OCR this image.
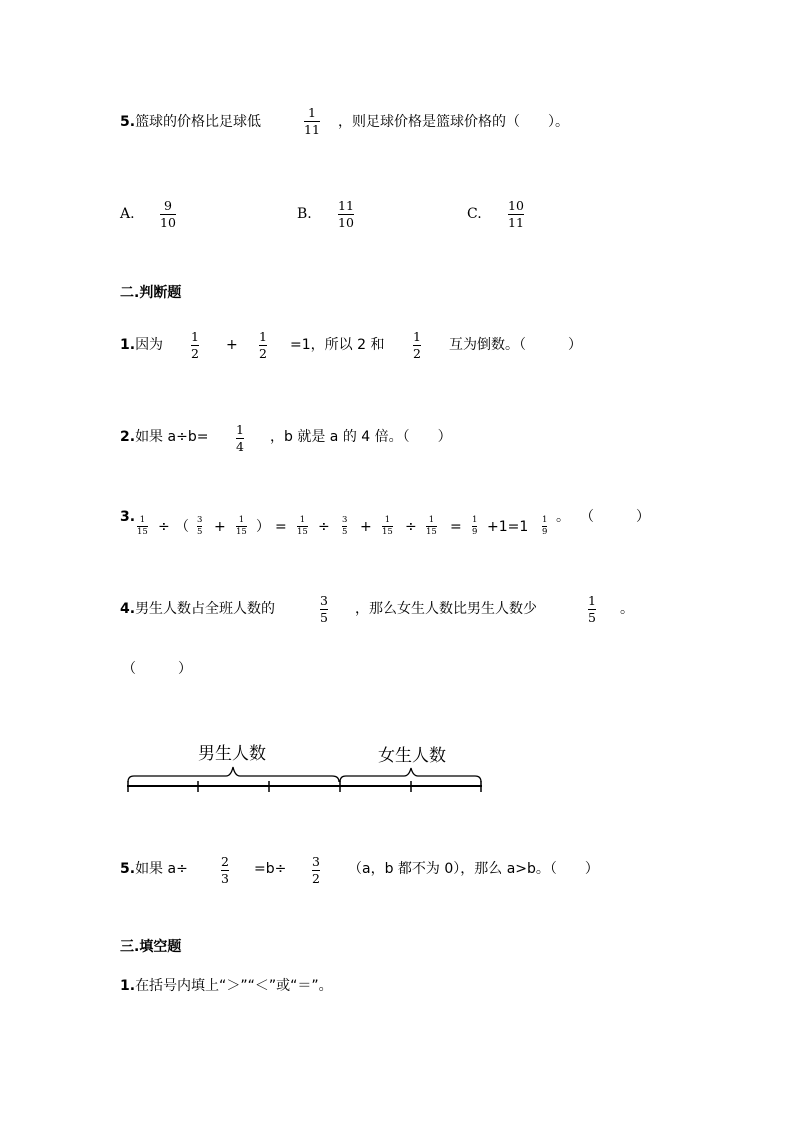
5.篮球的价格比足球低
1
11 ，则足球价格是篮球价格的（　　）。
A.
9
10
B.
11
10
C.
10
11
二.判断题
1.因为
1
2
+
1
2
=1，所以 2 和
1
2
互为倒数。（　　　）
2.如果 a÷b= 1
4
，b 就是 a 的 4 倍。（　　）
3. 1
15 ÷ （ 3
5 + 1
15 ） = 1
15 ÷ 3
5 + 1
15 ÷ 1
15 = 1
9 +1=1 1
9
。 （　　　）
4.男生人数占全班人数的
3
5
，那么女生人数比男生人数少
1
5
。
（　　　）
男生人数	女生人数
5.如果 a÷	2
3
=b÷ 3
2
（a，b 都不为 0），那么 a>b。（　　）
三.填空题
1.在括号内填上“＞”“＜”或“＝”。
